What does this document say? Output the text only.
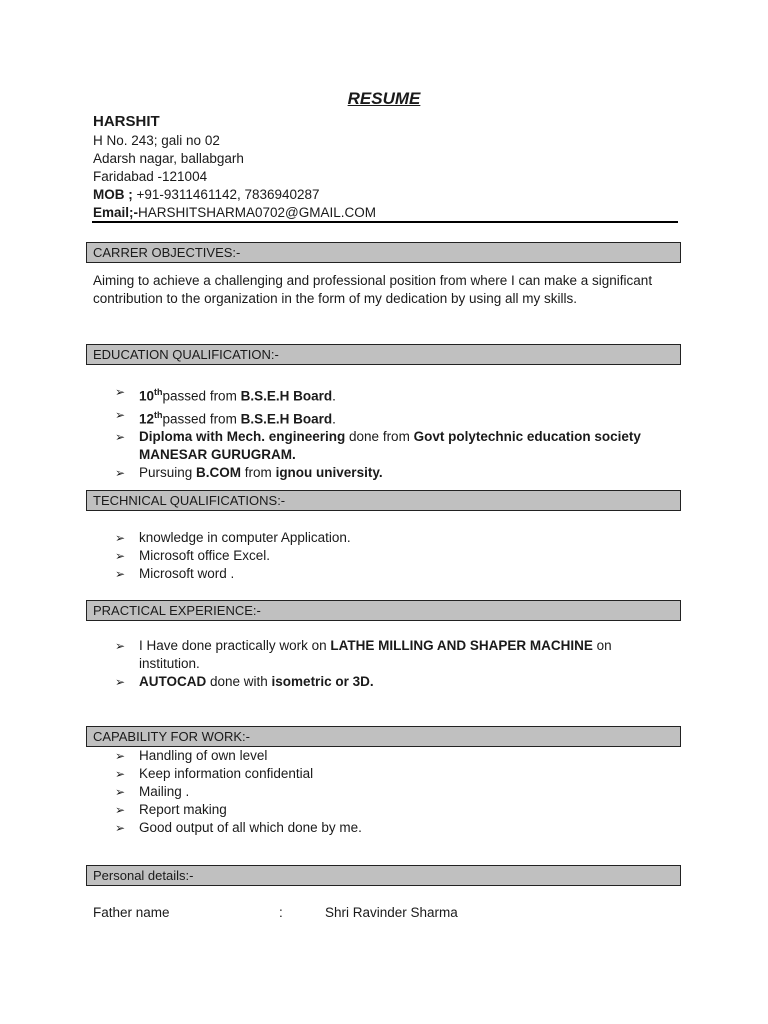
RESUME
HARSHIT
H No. 243; gali no 02
Adarsh nagar, ballabgarh
Faridabad -121004
MOB ; +91-9311461142, 7836940287
Email;-HARSHITSHARMA0702@GMAIL.COM
CARRER OBJECTIVES:-
Aiming to achieve a challenging and professional position from where I can make a significant contribution to the organization in the form of my dedication by using all my skills.
EDUCATION QUALIFICATION:-
➢ 10thpassed from B.S.E.H Board.
➢ 12thpassed from B.S.E.H Board.
➢ Diploma with Mech. engineering done from Govt polytechnic education society MANESAR GURUGRAM.
➢ Pursuing B.COM from ignou university.
TECHNICAL QUALIFICATIONS:-
➢ knowledge in computer Application.
➢ Microsoft office Excel.
➢ Microsoft word .
PRACTICAL EXPERIENCE:-
➢ I Have done practically work on LATHE MILLING AND SHAPER MACHINE on institution.
➢ AUTOCAD done with isometric or 3D.
CAPABILITY FOR WORK:-
➢ Handling of own level
➢ Keep information confidential
➢ Mailing .
➢ Report making
➢ Good output of all which done by me.
Personal details:-
Father name	:	Shri Ravinder Sharma
